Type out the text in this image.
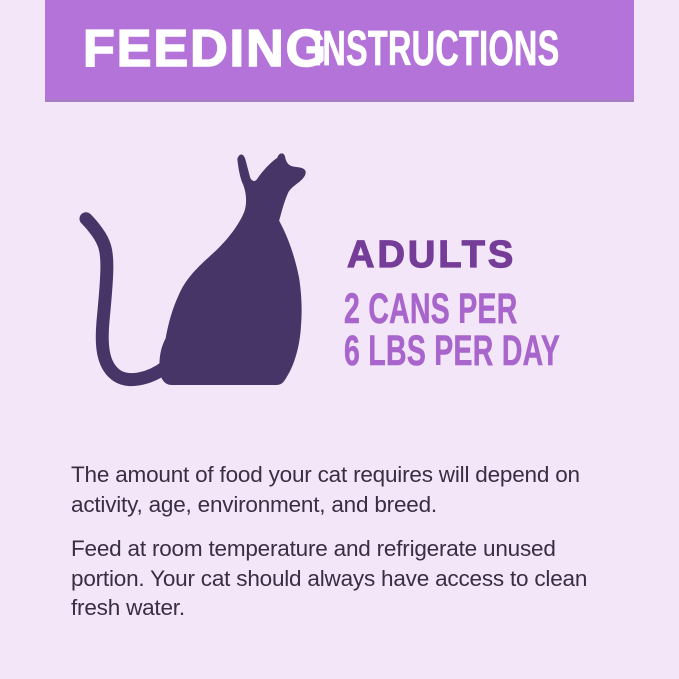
FEEDING
INSTRUCTIONS
ADULTS
2 CANS PER
6 LBS PER DAY
The amount of food your cat requires will depend on
activity, age, environment, and breed.
Feed at room temperature and refrigerate unused
portion. Your cat should always have access to clean
fresh water.
